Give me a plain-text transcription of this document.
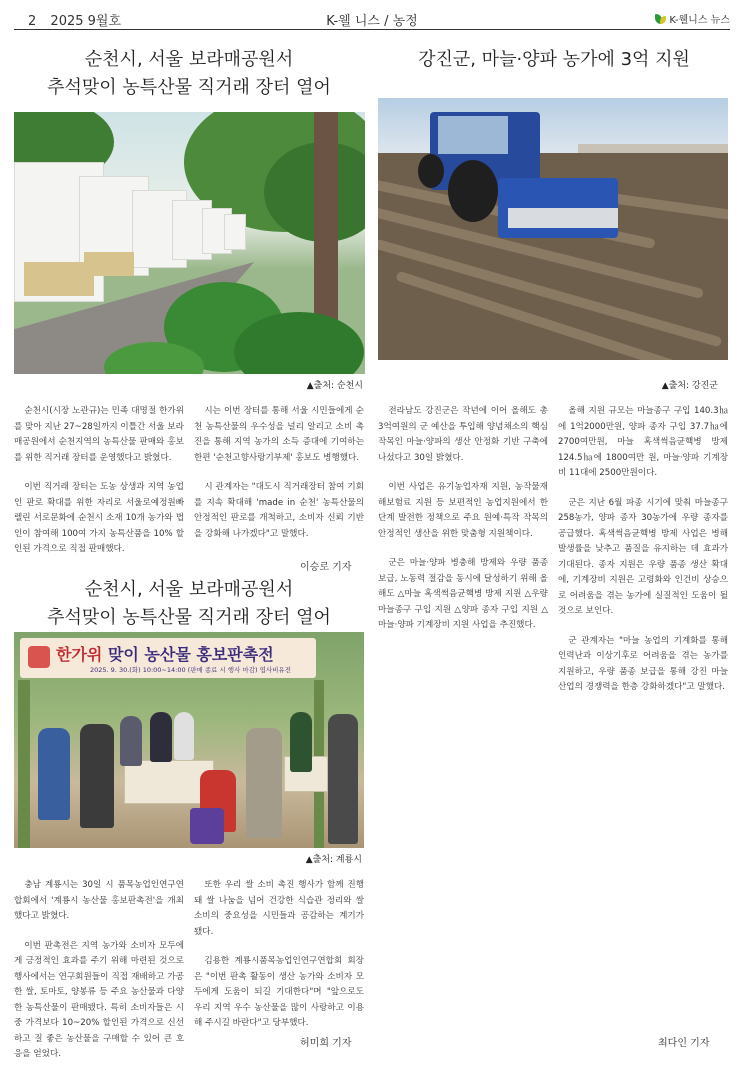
2 2025 9월호	K-웰 니스 / 농정	K-웰니스 뉴스
순천시, 서울 보라매공원서
추석맞이 농특산물 직거래 장터 열어
▲출처: 순천시

순천시(시장 노관규)는 민족 대명절 한가위를 맞아 지난 27~28일까지 이틀간 서울 보라매공원에서 순천지역의 농특산물 판매와 홍보를 위한 직거래 장터를 운영했다고 밝혔다.

이번 직거래 장터는 도농 상생과 지역 농업인 판로 확대를 위한 자리로 서울로예정원빠렐린 서로문화에 순천시 소재 10개 농가와 법인이 참여해 100여 가지 농특산품을 10% 할인된 가격으로 직접 판매했다.

시는 이번 장터를 통해 서울 시민들에게 순천 농특산물의 우수성을 널리 알리고 소비 촉진을 통해 지역 농가의 소득 증대에 기여하는 한편 '순천고향사랑기부제' 홍보도 병행했다.

시 관계자는 "대도시 직거래장터 참여 기회를 지속 확대해 'made in 순천' 농특산물의 안정적인 판로를 개척하고, 소비자 신뢰 기반을 강화해 나가겠다"고 말했다.

이승로 기자
순천시, 서울 보라매공원서
추석맞이 농특산물 직거래 장터 열어
한가위 맞이 농산물 홍보판촉전
2025. 9. 30.(화) 10:00~14:00 (판매 종료 시 행사 마감) 엽사비유전
▲출처: 계룡시

충남 계룡시는 30일 시 품목농업인연구연합회에서 '계룡시 농산물 홍보판촉전'을 개최했다고 밝혔다.

이번 판촉전은 지역 농가와 소비자 모두에게 긍정적인 효과를 주기 위해 마련된 것으로 행사에서는 연구회원들이 직접 재배하고 가공한 쌀, 토마토, 양봉류 등 주요 농산물과 다양한 농특산물이 판매됐다. 특히 소비자들은 시중 가격보다 10~20% 할인된 가격으로 신선하고 질 좋은 농산물을 구매할 수 있어 큰 호응을 얻었다.

또한 우리 쌀 소비 촉진 행사가 함께 진행돼 쌀 나눔을 넘어 건강한 식습관 정리와 쌀 소비의 중요성을 시민들과 공감하는 계기가 됐다.

김용한 계룡시품목농업인연구연합회 회장은 "이번 판촉 활동이 생산 농가와 소비자 모두에게 도움이 되길 기대한다"며 "앞으로도 우리 지역 우수 농산물을 많이 사랑하고 이용해 주시길 바란다"고 당부했다.

허미희 기자
강진군, 마늘·양파 농가에 3억 지원
▲출처: 강진군

전라남도 강진군은 작년에 이어 올해도 총 3억여원의 군 예산을 투입해 양념채소의 핵심 작목인 마늘·양파의 생산 안정화 기반 구축에 나섰다고 30일 밝혔다.

이번 사업은 유기농업자재 지원, 농작물재해보험료 지원 등 보편적인 농업지원에서 한 단계 발전한 정책으로 주요 원예·특작 작목의 안정적인 생산을 위한 맞춤형 지원책이다.

군은 마늘·양파 병충해 방제와 우량 품종 보급, 노동력 절감을 동시에 달성하기 위해 올해도 △마늘 혹색썩음균핵병 방제 지원 △우량 마늘종구 구입 지원 △양파 종자 구입 지원 △마늘·양파 기계장비 지원 사업을 추진했다.

올해 지원 규모는 마늘종구 구입 140.3㏊에 1억2000만원, 양파 종자 구입 37.7㏊에 2700여만원, 마늘 혹색썩음균핵병 방제 124.5㏊에 1800여만 원, 마늘·양파 기계장비 11대에 2500만원이다.

군은 지난 6월 파종 시기에 맞춰 마늘종구 258농가, 양파 종자 30농가에 우량 종자를 공급했다. 혹색썩음균핵병 방제 사업은 병해 발생률을 낮추고 품질을 유지하는 데 효과가 기대된다. 종자 지원은 우량 품종 생산 확대에, 기계장비 지원은 고령화와 인건비 상승으로 어려움을 겪는 농가에 실질적인 도움이 될 것으로 보인다.

군 관계자는 "마늘 농업의 기계화를 통해 인력난과 이상기후로 어려움을 겪는 농가를 지원하고, 우량 품종 보급을 통해 강진 마늘 산업의 경쟁력을 한층 강화하겠다"고 말했다.

최다인 기자
